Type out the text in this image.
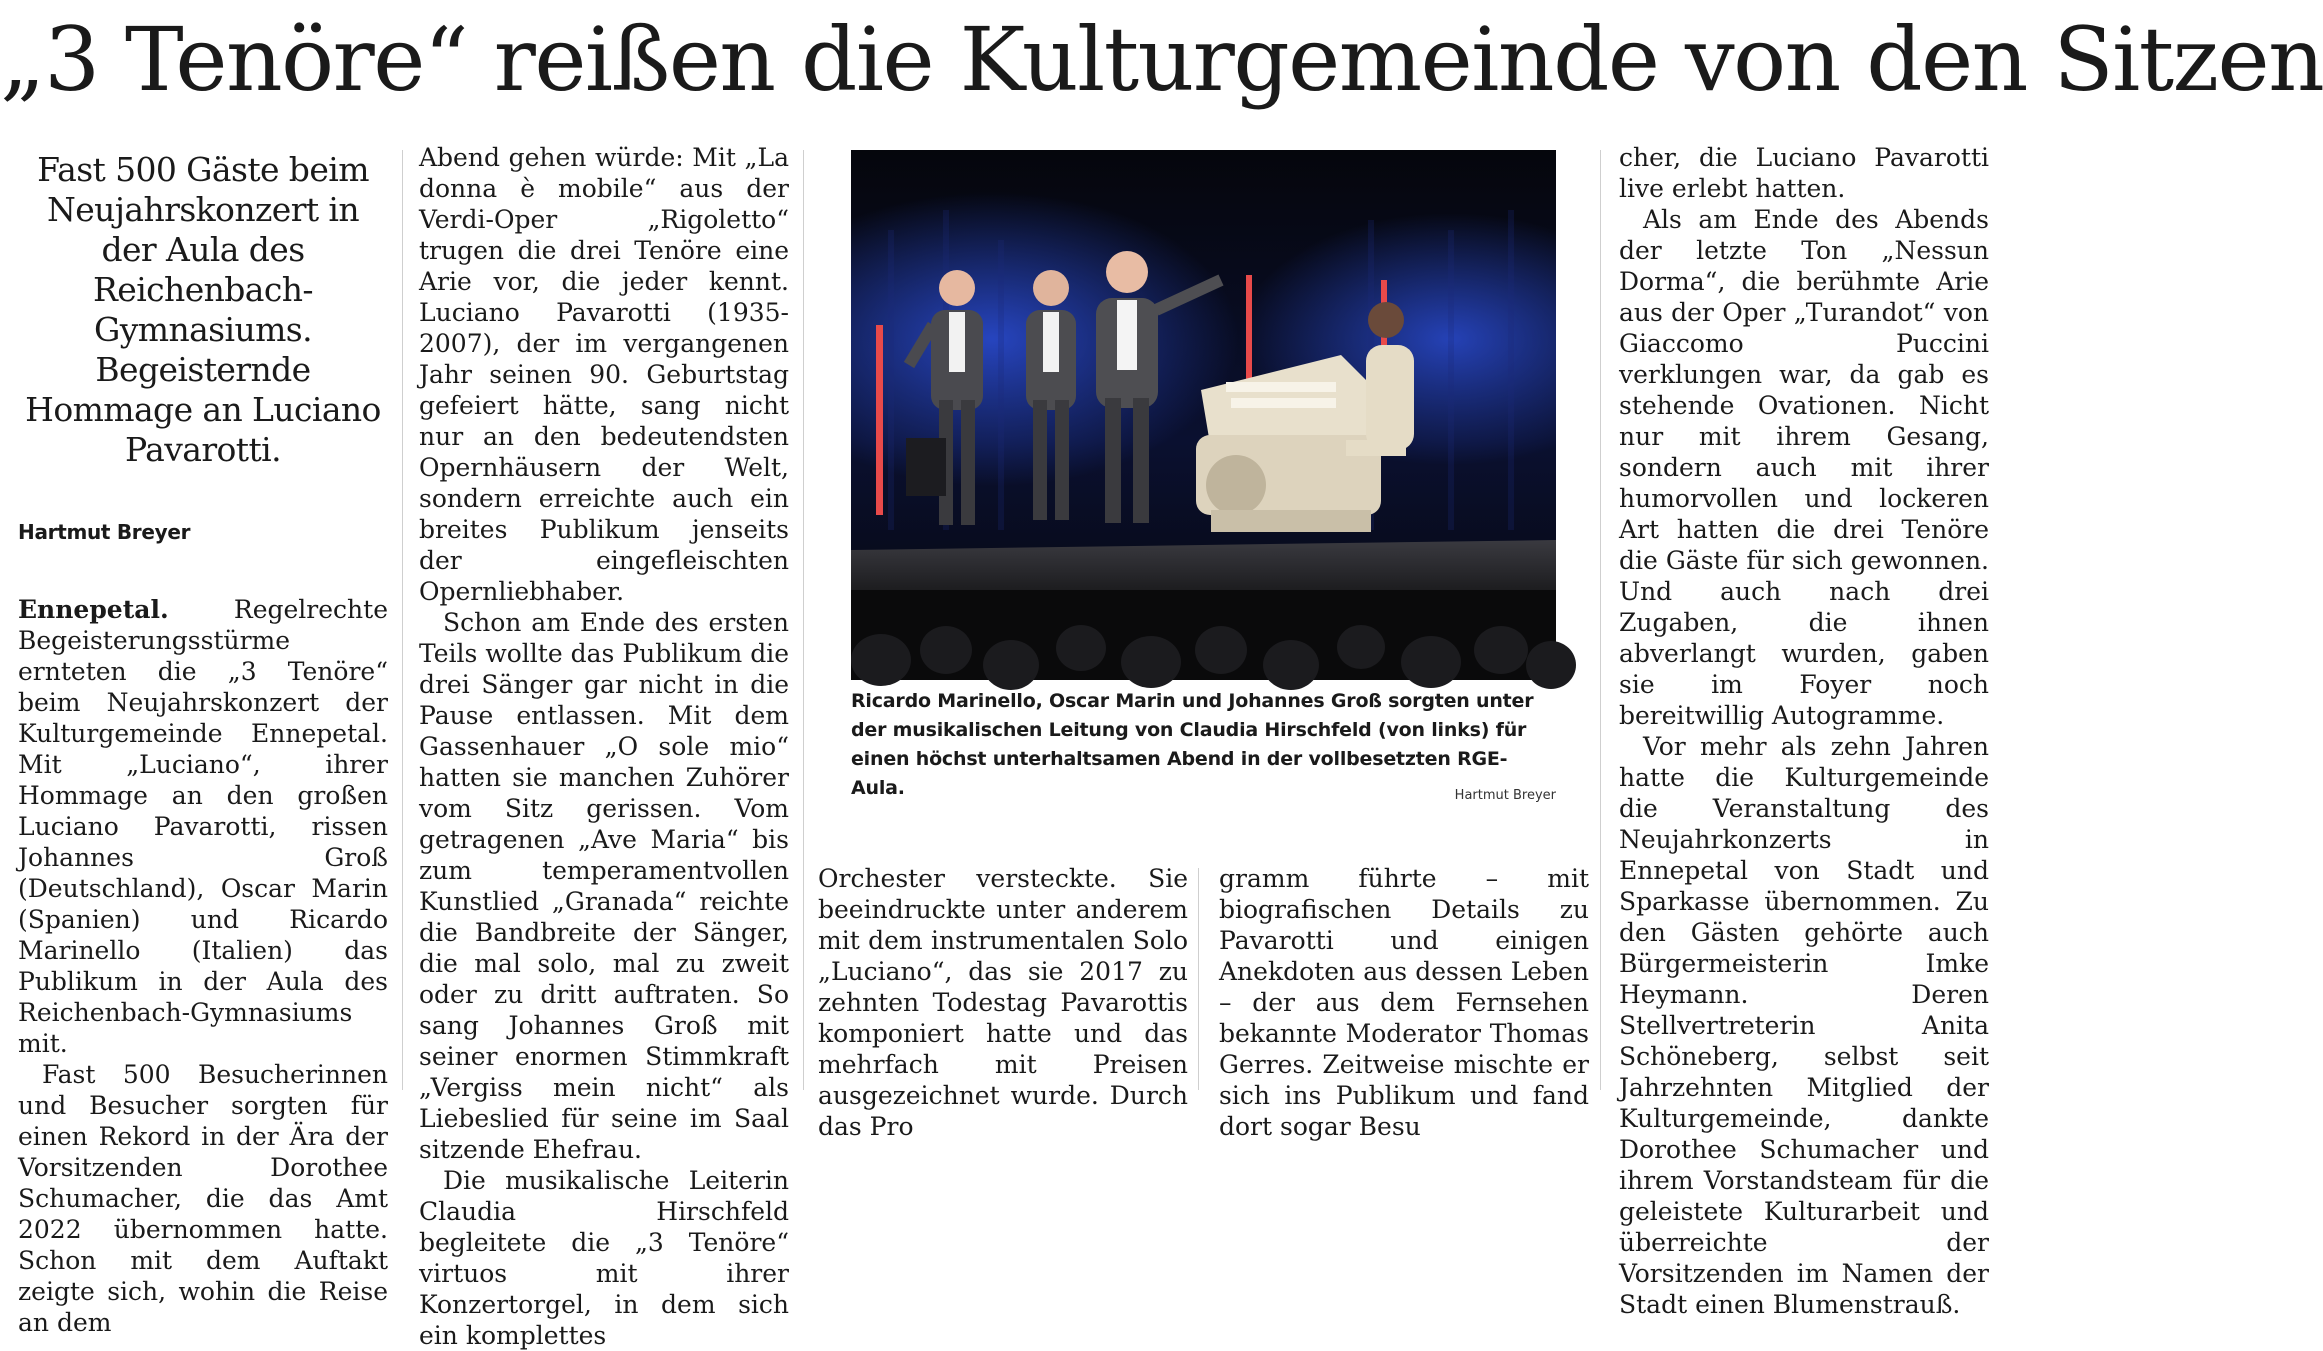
„3 Tenöre“ reißen die Kulturgemeinde von den Sitzen

Fast 500 Gäste beim Neujahrskonzert in der Aula des Reichenbach-Gymnasiums. Begeisternde Hommage an Luciano Pavarotti.

Hartmut Breyer

Ennepetal.	Regelrechte Begeisterungsstürme ernteten die „3 Tenöre“ beim Neujahrskonzert der Kulturgemeinde Ennepetal. Mit „Luciano“, ihrer Hommage an den großen Luciano Pavarotti, rissen Johannes Groß (Deutschland), Oscar Marin (Spanien) und Ricardo Marinello (Italien) das Publikum in der Aula des Reichenbach-Gymnasiums mit.

Fast 500 Besucherinnen und Besucher sorgten für einen Rekord in der Ära der Vorsitzenden Dorothee Schumacher, die das Amt 2022 übernommen hatte. Schon mit dem Auftakt zeigte sich, wohin die Reise an dem

Abend gehen würde: Mit „La donna è mobile“ aus der Verdi-Oper „Rigoletto“ trugen die drei Tenöre eine Arie vor, die jeder kennt. Luciano Pavarotti (1935-2007), der im vergangenen Jahr seinen 90. Geburtstag gefeiert hätte, sang nicht nur an den bedeutendsten Opernhäusern der Welt, sondern erreichte auch ein breites Publikum jenseits der eingefleischten Opernliebhaber.

Schon am Ende des ersten Teils wollte das Publikum die drei Sänger gar nicht in die Pause entlassen. Mit dem Gassenhauer „O sole mio“ hatten sie manchen Zuhörer vom Sitz gerissen. Vom getragenen „Ave Maria“ bis zum temperamentvollen Kunstlied „Granada“ reichte die Bandbreite der Sänger, die mal solo, mal zu zweit oder zu dritt auftraten. So sang Johannes Groß mit seiner enormen Stimmkraft „Vergiss mein nicht“ als Liebeslied für seine im Saal sitzende Ehefrau.

Die musikalische Leiterin Claudia Hirschfeld begleitete die „3 Tenöre“ virtuos mit ihrer Konzertorgel, in dem sich ein komplettes

Ricardo Marinello, Oscar Marin und Johannes Groß sorgten unter der musikalischen Leitung von Claudia Hirschfeld (von links) für einen höchst unterhaltsamen Abend in der vollbesetzten RGE-Aula.	Hartmut Breyer

Orchester versteckte. Sie beeindruckte unter anderem mit dem instrumentalen Solo „Luciano“, das sie 2017 zu zehnten Todestag Pavarottis komponiert hatte und das mehrfach mit Preisen ausgezeichnet wurde. Durch das Pro

gramm führte – mit biografischen Details zu Pavarotti und einigen Anekdoten aus dessen Leben – der aus dem Fernsehen bekannte Moderator Thomas Gerres. Zeitweise mischte er sich ins Publikum und fand dort sogar Besu

cher, die Luciano Pavarotti live erlebt hatten.

Als am Ende des Abends der letzte Ton „Nessun Dorma“, die berühmte Arie aus der Oper „Turandot“ von Giaccomo Puccini verklungen war, da gab es stehende Ovationen. Nicht nur mit ihrem Gesang, sondern auch mit ihrer humorvollen und lockeren Art hatten die drei Tenöre die Gäste für sich gewonnen. Und auch nach drei Zugaben, die ihnen abverlangt wurden, gaben sie im Foyer noch bereitwillig Autogramme.

Vor mehr als zehn Jahren hatte die Kulturgemeinde die Veranstaltung des Neujahrkonzerts in Ennepetal von Stadt und Sparkasse übernommen. Zu den Gästen gehörte auch Bürgermeisterin Imke Heymann. Deren Stellvertreterin Anita Schöneberg, selbst seit Jahrzehnten Mitglied der Kulturgemeinde, dankte Dorothee Schumacher und ihrem Vorstandsteam für die geleistete Kulturarbeit und überreichte der Vorsitzenden im Namen der Stadt einen Blumenstrauß.
